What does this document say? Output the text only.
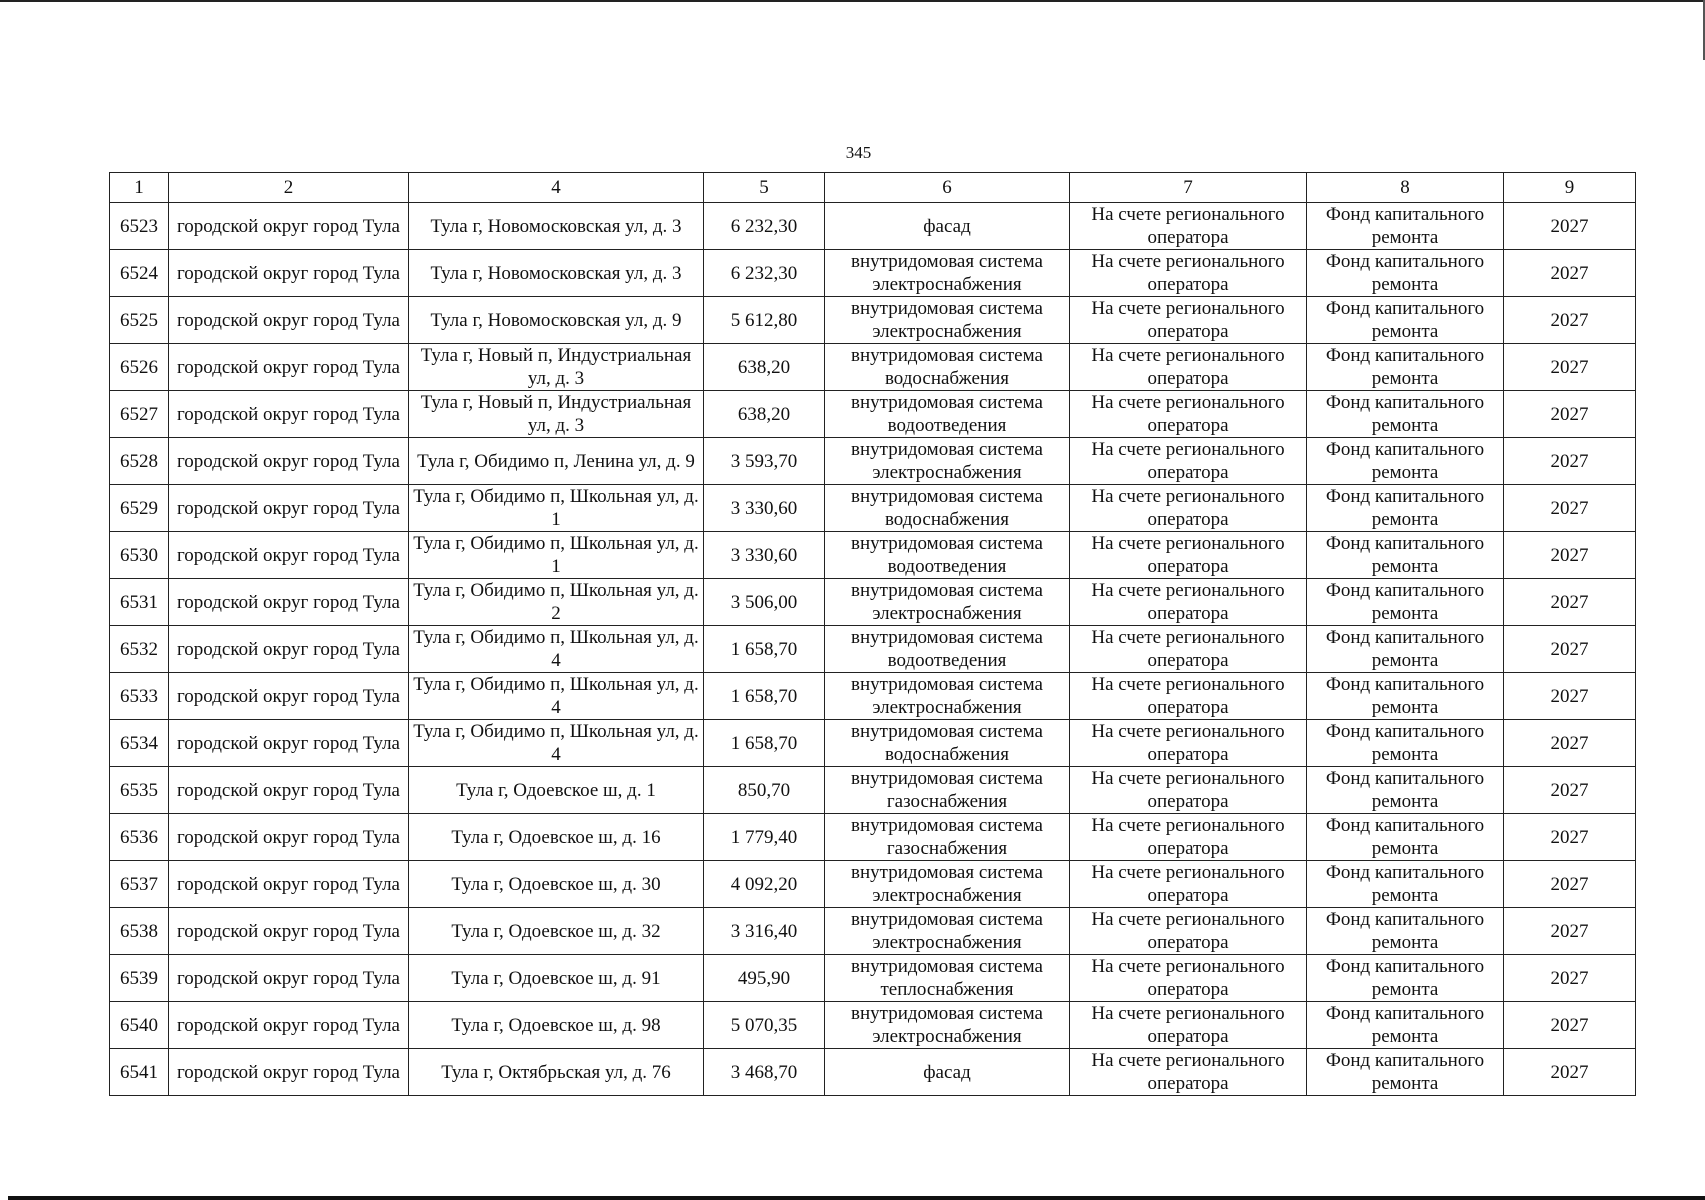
345
1	2	4	5	6	7	8	9
6523	городской округ город Тула	Тула г, Новомосковская ул, д. 3	6 232,30	фасад	На счете регионального оператора	Фонд капитального ремонта	2027
6524	городской округ город Тула	Тула г, Новомосковская ул, д. 3	6 232,30	внутридомовая система электроснабжения	На счете регионального оператора	Фонд капитального ремонта	2027
6525	городской округ город Тула	Тула г, Новомосковская ул, д. 9	5 612,80	внутридомовая система электроснабжения	На счете регионального оператора	Фонд капитального ремонта	2027
6526	городской округ город Тула	Тула г, Новый п, Индустриальная ул, д. 3	638,20	внутридомовая система водоснабжения	На счете регионального оператора	Фонд капитального ремонта	2027
6527	городской округ город Тула	Тула г, Новый п, Индустриальная ул, д. 3	638,20	внутридомовая система водоотведения	На счете регионального оператора	Фонд капитального ремонта	2027
6528	городской округ город Тула	Тула г, Обидимо п, Ленина ул, д. 9	3 593,70	внутридомовая система электроснабжения	На счете регионального оператора	Фонд капитального ремонта	2027
6529	городской округ город Тула	Тула г, Обидимо п, Школьная ул, д. 1	3 330,60	внутридомовая система водоснабжения	На счете регионального оператора	Фонд капитального ремонта	2027
6530	городской округ город Тула	Тула г, Обидимо п, Школьная ул, д. 1	3 330,60	внутридомовая система водоотведения	На счете регионального оператора	Фонд капитального ремонта	2027
6531	городской округ город Тула	Тула г, Обидимо п, Школьная ул, д. 2	3 506,00	внутридомовая система электроснабжения	На счете регионального оператора	Фонд капитального ремонта	2027
6532	городской округ город Тула	Тула г, Обидимо п, Школьная ул, д. 4	1 658,70	внутридомовая система водоотведения	На счете регионального оператора	Фонд капитального ремонта	2027
6533	городской округ город Тула	Тула г, Обидимо п, Школьная ул, д. 4	1 658,70	внутридомовая система электроснабжения	На счете регионального оператора	Фонд капитального ремонта	2027
6534	городской округ город Тула	Тула г, Обидимо п, Школьная ул, д. 4	1 658,70	внутридомовая система водоснабжения	На счете регионального оператора	Фонд капитального ремонта	2027
6535	городской округ город Тула	Тула г, Одоевское ш, д. 1	850,70	внутридомовая система газоснабжения	На счете регионального оператора	Фонд капитального ремонта	2027
6536	городской округ город Тула	Тула г, Одоевское ш, д. 16	1 779,40	внутридомовая система газоснабжения	На счете регионального оператора	Фонд капитального ремонта	2027
6537	городской округ город Тула	Тула г, Одоевское ш, д. 30	4 092,20	внутридомовая система электроснабжения	На счете регионального оператора	Фонд капитального ремонта	2027
6538	городской округ город Тула	Тула г, Одоевское ш, д. 32	3 316,40	внутридомовая система электроснабжения	На счете регионального оператора	Фонд капитального ремонта	2027
6539	городской округ город Тула	Тула г, Одоевское ш, д. 91	495,90	внутридомовая система теплоснабжения	На счете регионального оператора	Фонд капитального ремонта	2027
6540	городской округ город Тула	Тула г, Одоевское ш, д. 98	5 070,35	внутридомовая система электроснабжения	На счете регионального оператора	Фонд капитального ремонта	2027
6541	городской округ город Тула	Тула г, Октябрьская ул, д. 76	3 468,70	фасад	На счете регионального оператора	Фонд капитального ремонта	2027
